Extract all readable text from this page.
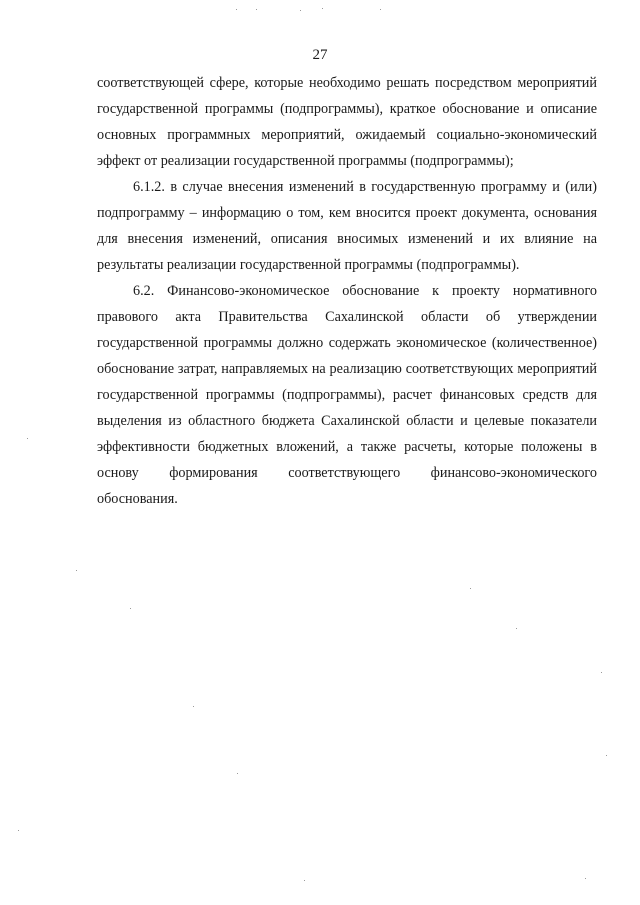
27

соответствующей сфере, которые необходимо решать посредством мероприятий государственной программы (подпрограммы), краткое обоснование и описание основных программных мероприятий, ожидаемый социально-экономический эффект от реализации государственной программы (подпрограммы);

6.1.2. в случае внесения изменений в государственную программу и (или) подпрограмму – информацию о том, кем вносится проект документа, основания для внесения изменений, описания вносимых изменений и их влияние на результаты реализации государственной программы (подпрограммы).

6.2. Финансово-экономическое обоснование к проекту нормативного правового акта Правительства Сахалинской области об утверждении государственной программы должно содержать экономическое (количественное) обоснование затрат, направляемых на реализацию соответствующих мероприятий государственной программы (подпрограммы), расчет финансовых средств для выделения из областного бюджета Сахалинской области и целевые показатели эффективности бюджетных вложений, а также расчеты, которые положены в основу формирования соответствующего финансово-экономического обоснования.
